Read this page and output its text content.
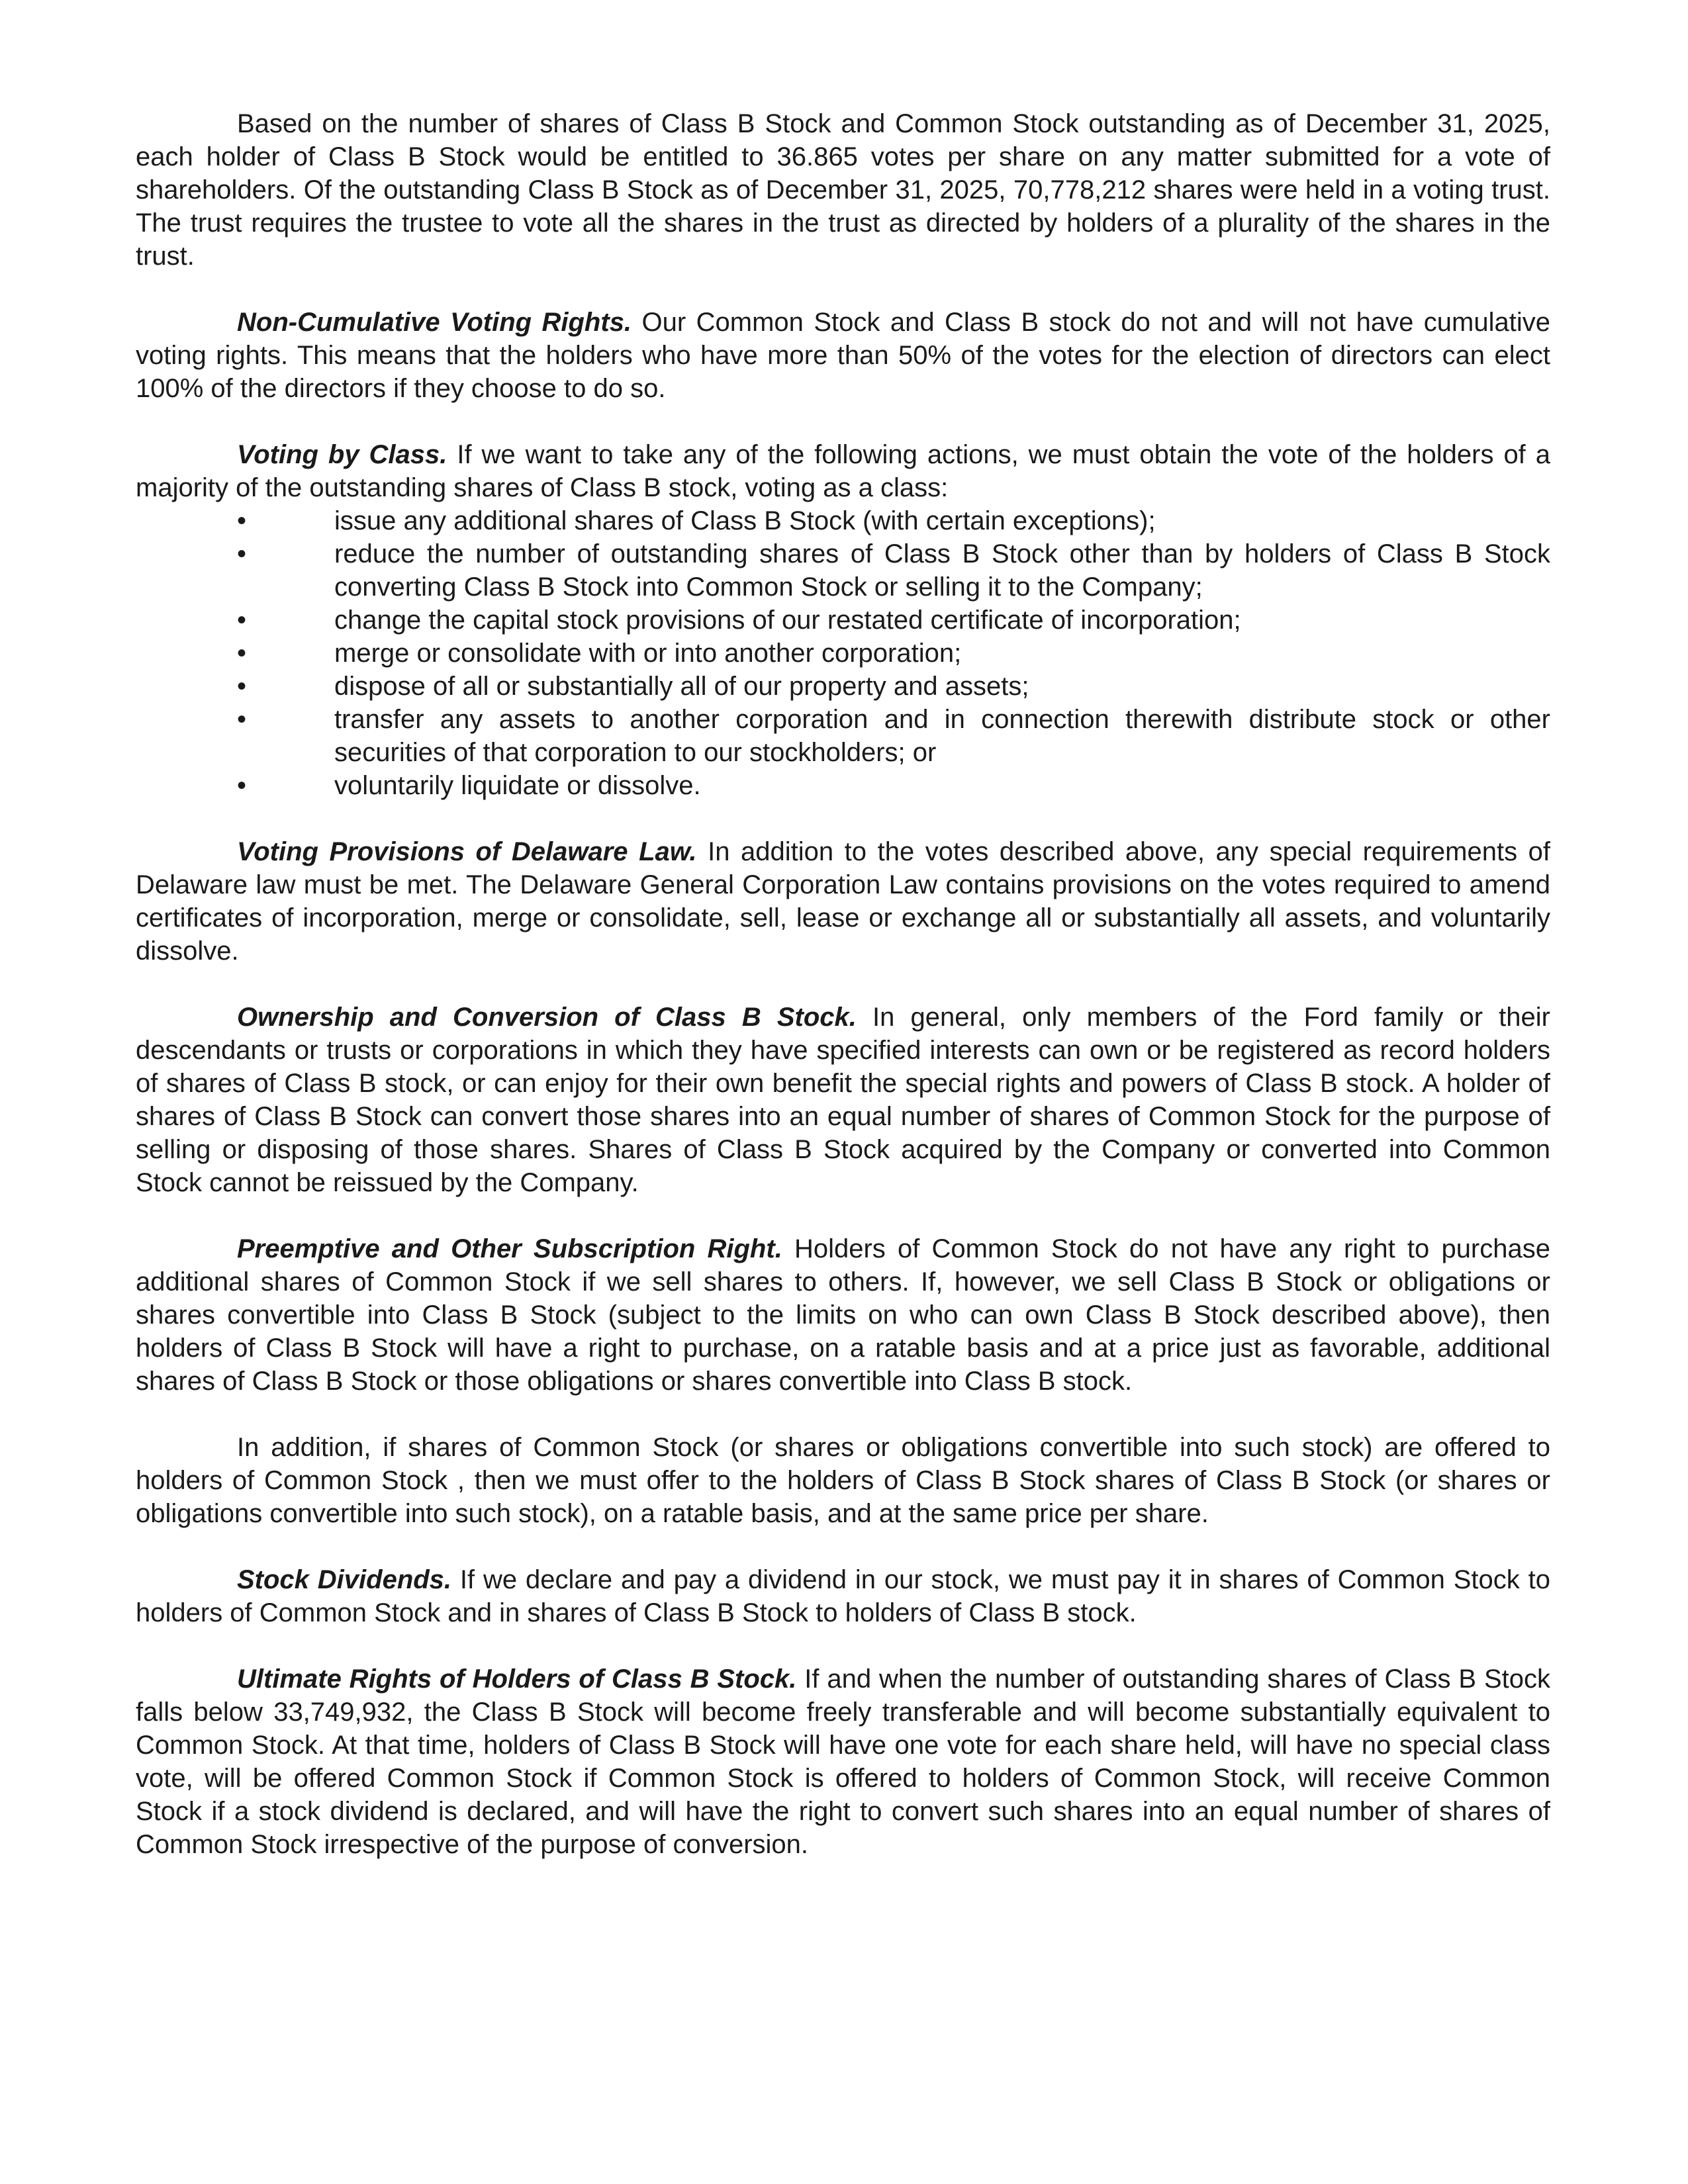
Based on the number of shares of Class B Stock and Common Stock outstanding as of December 31, 2025, each holder of Class B Stock would be entitled to 36.865 votes per share on any matter submitted for a vote of shareholders. Of the outstanding Class B Stock as of December 31, 2025, 70,778,212 shares were held in a voting trust. The trust requires the trustee to vote all the shares in the trust as directed by holders of a plurality of the shares in the trust.

Non-Cumulative Voting Rights. Our Common Stock and Class B stock do not and will not have cumulative voting rights. This means that the holders who have more than 50% of the votes for the election of directors can elect 100% of the directors if they choose to do so.

Voting by Class. If we want to take any of the following actions, we must obtain the vote of the holders of a majority of the outstanding shares of Class B stock, voting as a class:

•	issue any additional shares of Class B Stock (with certain exceptions);
•	reduce the number of outstanding shares of Class B Stock other than by holders of Class B Stock converting Class B Stock into Common Stock or selling it to the Company;
•	change the capital stock provisions of our restated certificate of incorporation;
•	merge or consolidate with or into another corporation;
•	dispose of all or substantially all of our property and assets;
•	transfer any assets to another corporation and in connection therewith distribute stock or other securities of that corporation to our stockholders; or
•	voluntarily liquidate or dissolve.

Voting Provisions of Delaware Law. In addition to the votes described above, any special requirements of Delaware law must be met. The Delaware General Corporation Law contains provisions on the votes required to amend certificates of incorporation, merge or consolidate, sell, lease or exchange all or substantially all assets, and voluntarily dissolve.

Ownership and Conversion of Class B Stock. In general, only members of the Ford family or their descendants or trusts or corporations in which they have specified interests can own or be registered as record holders of shares of Class B stock, or can enjoy for their own benefit the special rights and powers of Class B stock. A holder of shares of Class B Stock can convert those shares into an equal number of shares of Common Stock for the purpose of selling or disposing of those shares. Shares of Class B Stock acquired by the Company or converted into Common Stock cannot be reissued by the Company.

Preemptive and Other Subscription Right. Holders of Common Stock do not have any right to purchase additional shares of Common Stock if we sell shares to others. If, however, we sell Class B Stock or obligations or shares convertible into Class B Stock (subject to the limits on who can own Class B Stock described above), then holders of Class B Stock will have a right to purchase, on a ratable basis and at a price just as favorable, additional shares of Class B Stock or those obligations or shares convertible into Class B stock.

In addition, if shares of Common Stock (or shares or obligations convertible into such stock) are offered to holders of Common Stock , then we must offer to the holders of Class B Stock shares of Class B Stock (or shares or obligations convertible into such stock), on a ratable basis, and at the same price per share.

Stock Dividends. If we declare and pay a dividend in our stock, we must pay it in shares of Common Stock to holders of Common Stock and in shares of Class B Stock to holders of Class B stock.

Ultimate Rights of Holders of Class B Stock. If and when the number of outstanding shares of Class B Stock falls below 33,749,932, the Class B Stock will become freely transferable and will become substantially equivalent to Common Stock. At that time, holders of Class B Stock will have one vote for each share held, will have no special class vote, will be offered Common Stock if Common Stock is offered to holders of Common Stock, will receive Common Stock if a stock dividend is declared, and will have the right to convert such shares into an equal number of shares of Common Stock irrespective of the purpose of conversion.
